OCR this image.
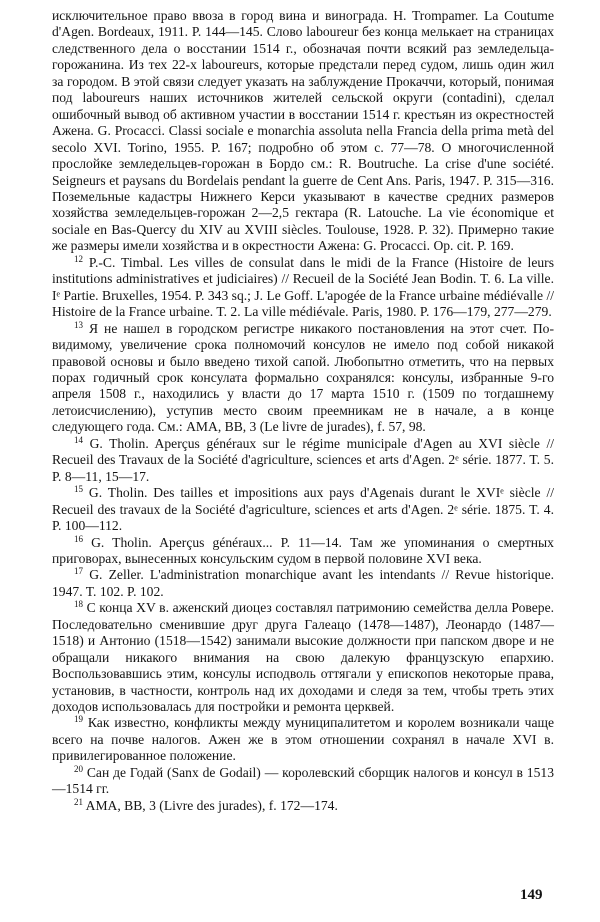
исключительное право ввоза в город вина и винограда. H. Trompamer. La Coutume d'Agen. Bordeaux, 1911. P. 144—145. Слово laboureur без конца мелькает на страницах следственного дела о восстании 1514 г., обозначая почти всякий раз земледельца-горожанина. Из тех 22-х laboureurs, которые предстали перед судом, лишь один жил за городом. В этой связи следует указать на заблуждение Прокаччи, который, понимая под laboureurs наших источников жителей сельской округи (contadini), сделал ошибочный вывод об активном участии в восстании 1514 г. крестьян из окрестностей Ажена. G. Procacci. Classi sociale e monarchia assoluta nella Francia della prima metà del secolo XVI. Torino, 1955. P. 167; подробно об этом с. 77—78. О многочисленной прослойке земледельцев-горожан в Бордо см.: R. Boutruche. La crise d'une société. Seigneurs et paysans du Bordelais pendant la guerre de Cent Ans. Paris, 1947. P. 315—316. Поземельные кадастры Нижнего Керси указывают в качестве средних размеров хозяйства земледельцев-горожан 2—2,5 гектара (R. Latouche. La vie économique et sociale en Bas-Quercy du XIV au XVIII siècles. Toulouse, 1928. P. 32). Примерно такие же размеры имели хозяйства и в окрестности Ажена: G. Procacci. Op. cit. P. 169.

$^{12}$ P.-C. Timbal. Les villes de consulat dans le midi de la France (Histoire de leurs institutions administratives et judiciaires) // Recueil de la Société Jean Bodin. T. 6. La ville. Iᵉ Partie. Bruxelles, 1954. P. 343 sq.; J. Le Goff. L'apogée de la France urbaine médiévalle // Histoire de la France urbaine. T. 2. La ville médiévale. Paris, 1980. P. 176—179, 277—279.

$^{13}$ Я не нашел в городском регистре никакого постановления на этот счет. По-видимому, увеличение срока полномочий консулов не имело под собой никакой правовой основы и было введено тихой сапой. Любопытно отметить, что на первых порах годичный срок консулата формально сохранялся: консулы, избранные 9-го апреля 1508 г., находились у власти до 17 марта 1510 г. (1509 по тогдашнему летоисчислению), уступив место своим преемникам не в начале, а в конце следующего года. См.: AMA, BB, 3 (Le livre de jurades), f. 57, 98.

$^{14}$ G. Tholin. Aperçus généraux sur le régime municipale d'Agen au XVI siècle // Recueil des Travaux de la Société d'agriculture, sciences et arts d'Agen. 2ᵉ série. 1877. T. 5. P. 8—11, 15—17.

$^{15}$ G. Tholin. Des tailles et impositions aux pays d'Agenais durant le XVIᵉ siècle // Recueil des travaux de la Société d'agriculture, sciences et arts d'Agen. 2ᵉ série. 1875. T. 4. P. 100—112.

$^{16}$ G. Tholin. Aperçus généraux... P. 11—14. Там же упоминания о смертных приговорах, вынесенных консульским судом в первой половине XVI века.

$^{17}$ G. Zeller. L'administration monarchique avant les intendants // Revue historique. 1947. T. 102. P. 102.

$^{18}$ С конца XV в. аженский диоцез составлял патримонию семейства делла Ровере. Последовательно сменившие друг друга Галеацо (1478—1487), Леонардо (1487—1518) и Антонио (1518—1542) занимали высокие должности при папском дворе и не обращали никакого внимания на свою далекую французскую епархию. Воспользовавшись этим, консулы исподволь оттягали у епископов некоторые права, установив, в частности, контроль над их доходами и следя за тем, чтобы треть этих доходов использовалась для постройки и ремонта церквей.

$^{19}$ Как известно, конфликты между муниципалитетом и королем возникали чаще всего на почве налогов. Ажен же в этом отношении сохранял в начале XVI в. привилегированное положение.

$^{20}$ Сан де Годай (Sanx de Godail) — королевский сборщик налогов и консул в 1513—1514 гг.

$^{21}$ AMA, BB, 3 (Livre des jurades), f. 172—174.

149
